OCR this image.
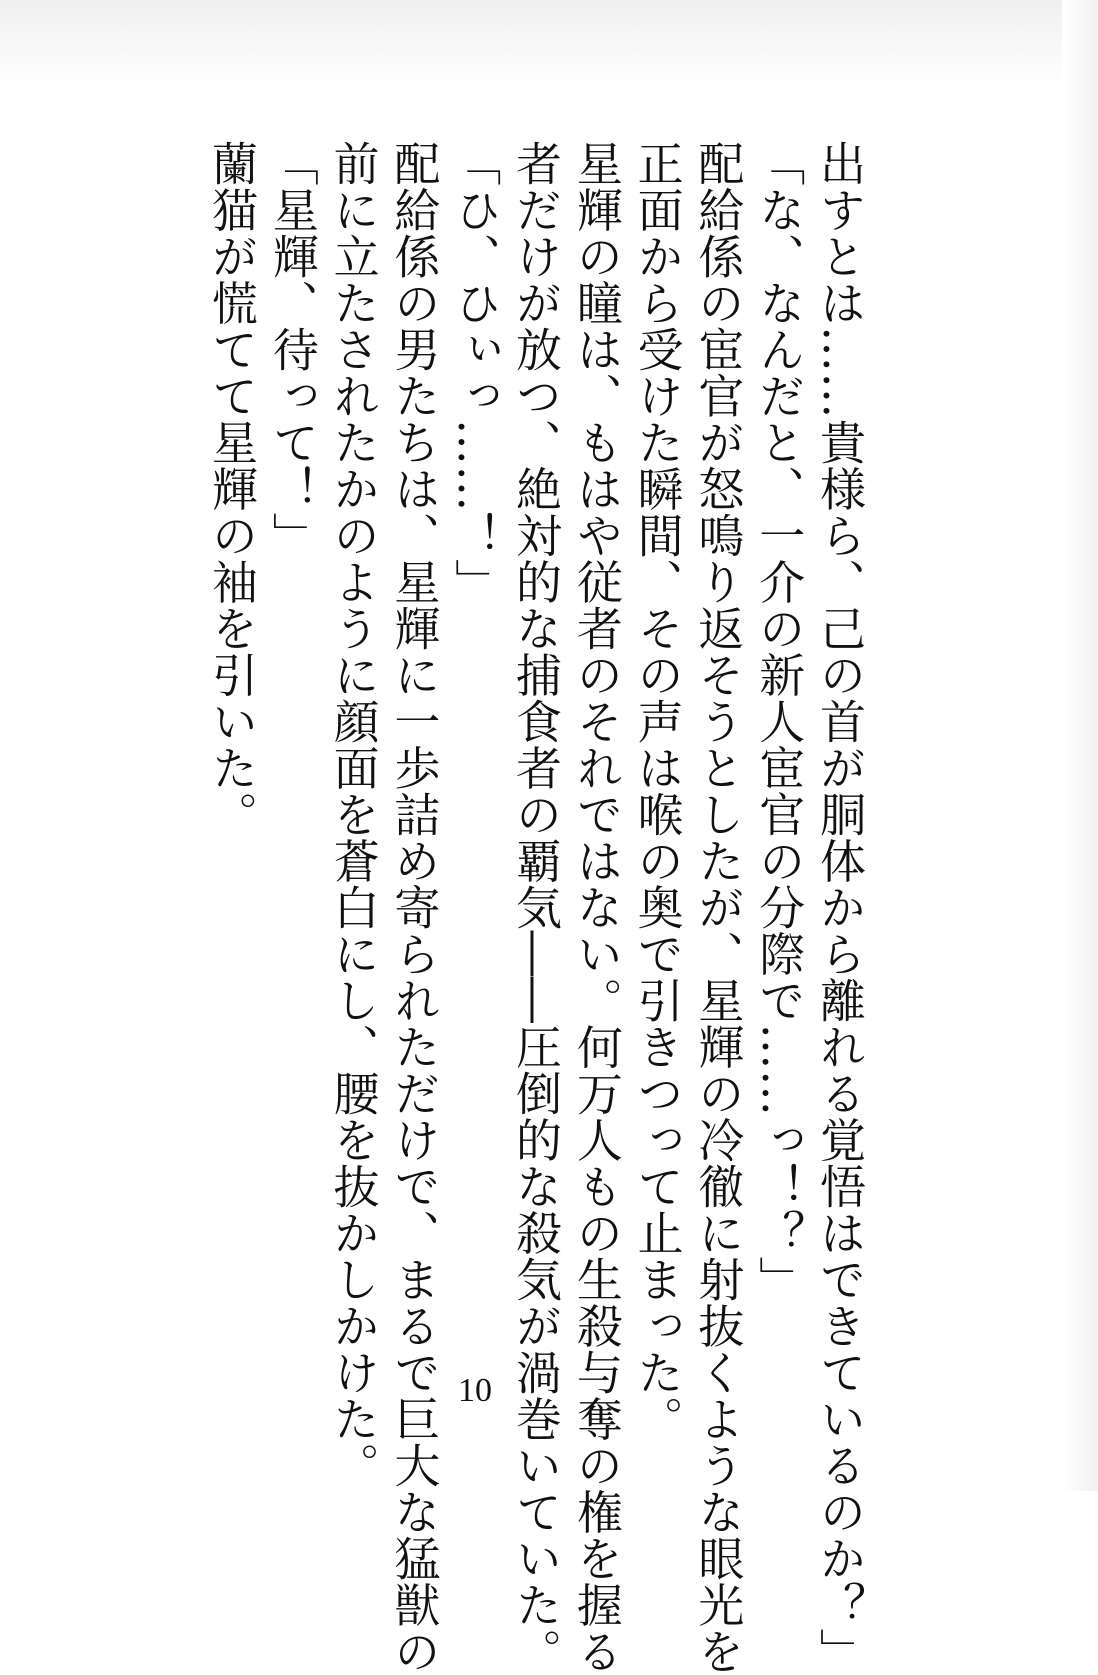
出すとは……貴様ら、己の首が胴体から離れる覚悟はできているのか？」

「な、なんだと、一介の新人宦官の分際で……っ！？」

配給係の宦官が怒鳴り返そうとしたが、星輝の冷徹に射抜くような眼光を

正面から受けた瞬間、その声は喉の奥で引きつって止まった。

星輝の瞳は、もはや従者のそれではない。何万人もの生殺与奪の権を握る

者だけが放つ、絶対的な捕食者の覇気――圧倒的な殺気が渦巻いていた。

「ひ、ひぃっ……！」

配給係の男たちは、星輝に一歩詰め寄られただけで、まるで巨大な猛獣の

前に立たされたかのように顔面を蒼白にし、腰を抜かしかけた。

「星輝、待って！」

蘭猫が慌てて星輝の袖を引いた。

10
